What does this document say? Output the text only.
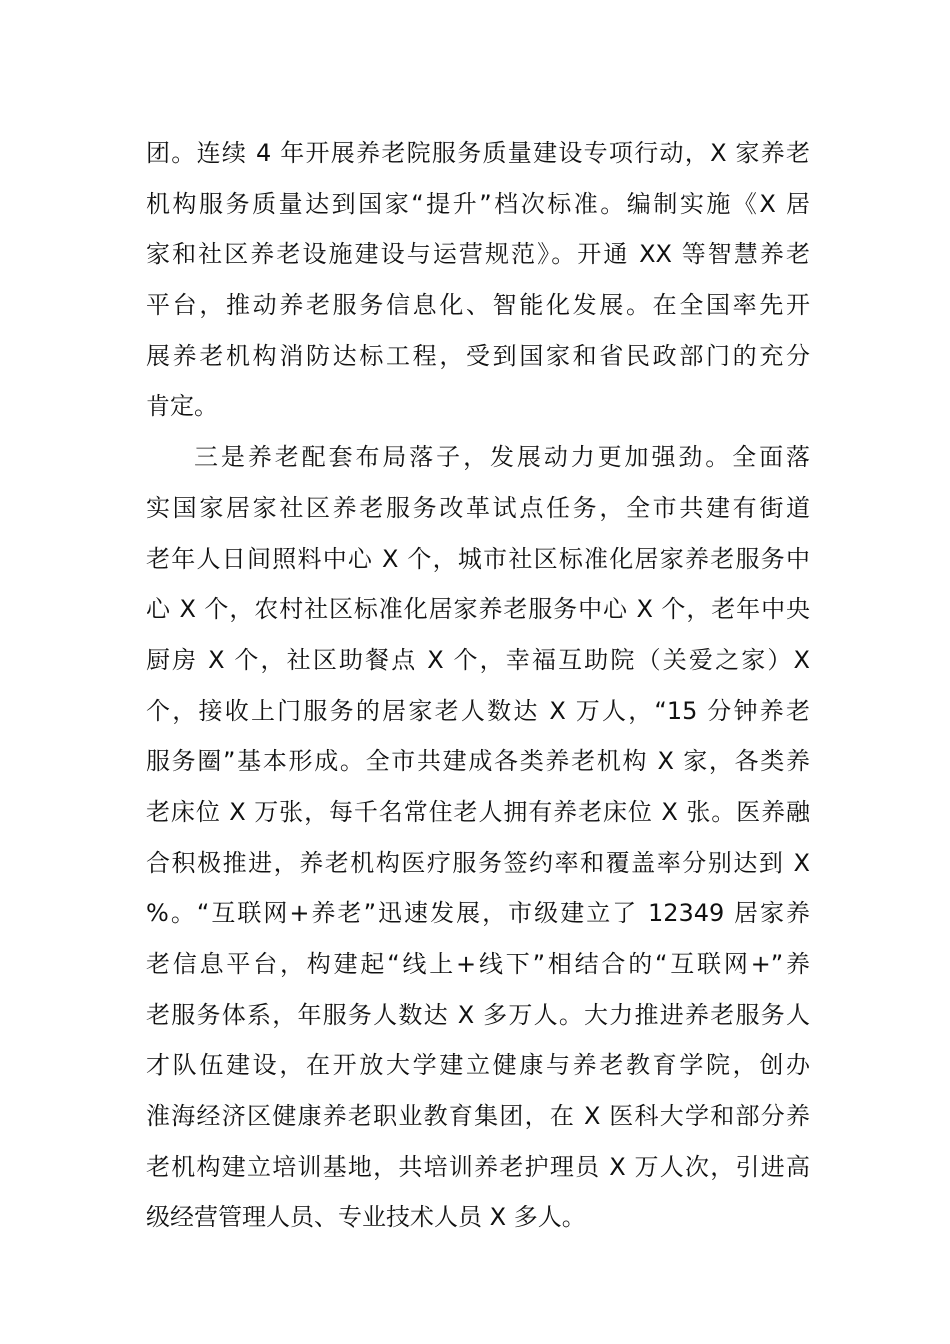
团。连续 4 年开展养老院服务质量建设专项行动，X 家养老
机构服务质量达到国家“提升”档次标准。编制实施《X 居
家和社区养老设施建设与运营规范》。开通 XX 等智慧养老
平台，推动养老服务信息化、智能化发展。在全国率先开
展养老机构消防达标工程，受到国家和省民政部门的充分
肯定。
三是养老配套布局落子，发展动力更加强劲。全面落
实国家居家社区养老服务改革试点任务，全市共建有街道
老年人日间照料中心 X 个，城市社区标准化居家养老服务中
心 X 个，农村社区标准化居家养老服务中心 X 个，老年中央
厨房 X 个，社区助餐点 X 个，幸福互助院（关爱之家）X
个，接收上门服务的居家老人数达 X 万人，“15 分钟养老
服务圈”基本形成。全市共建成各类养老机构 X 家，各类养
老床位 X 万张，每千名常住老人拥有养老床位 X 张。医养融
合积极推进，养老机构医疗服务签约率和覆盖率分别达到 X
%。“互联网+养老”迅速发展，市级建立了 12349 居家养
老信息平台，构建起“线上+线下”相结合的“互联网+”养
老服务体系，年服务人数达 X 多万人。大力推进养老服务人
才队伍建设，在开放大学建立健康与养老教育学院，创办
淮海经济区健康养老职业教育集团，在 X 医科大学和部分养
老机构建立培训基地，共培训养老护理员 X 万人次，引进高
级经营管理人员、专业技术人员 X 多人。
